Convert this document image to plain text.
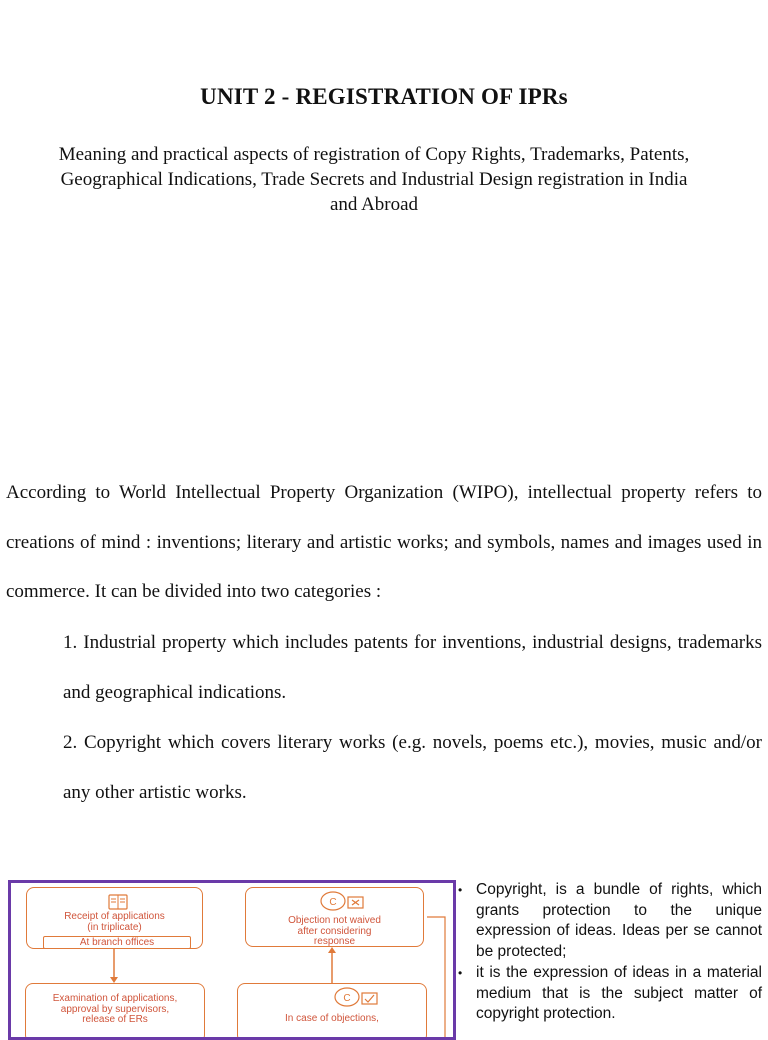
UNIT 2 - REGISTRATION OF IPRs
Meaning and practical aspects of registration of Copy Rights, Trademarks, Patents, Geographical Indications, Trade Secrets and Industrial Design registration in India and Abroad

According to World Intellectual Property Organization (WIPO), intellectual property refers to creations of mind : inventions; literary and artistic works; and symbols, names and images used in commerce. It can be divided into two categories :

1. Industrial property which includes patents for inventions, industrial designs, trademarks and geographical indications.

2. Copyright which covers literary works (e.g. novels, poems etc.), movies, music and/or any other artistic works.

Receipt of applications
(in triplicate)
At branch offices
C
Objection not waived
after considering
response
Examination of applications,
approval by supervisors,
release of ERs
C
In case of objections,

• Copyright, is a bundle of rights, which grants protection to the unique expression of ideas. Ideas per se cannot be protected;

• it is the expression of ideas in a material medium that is the subject matter of copyright protection.
